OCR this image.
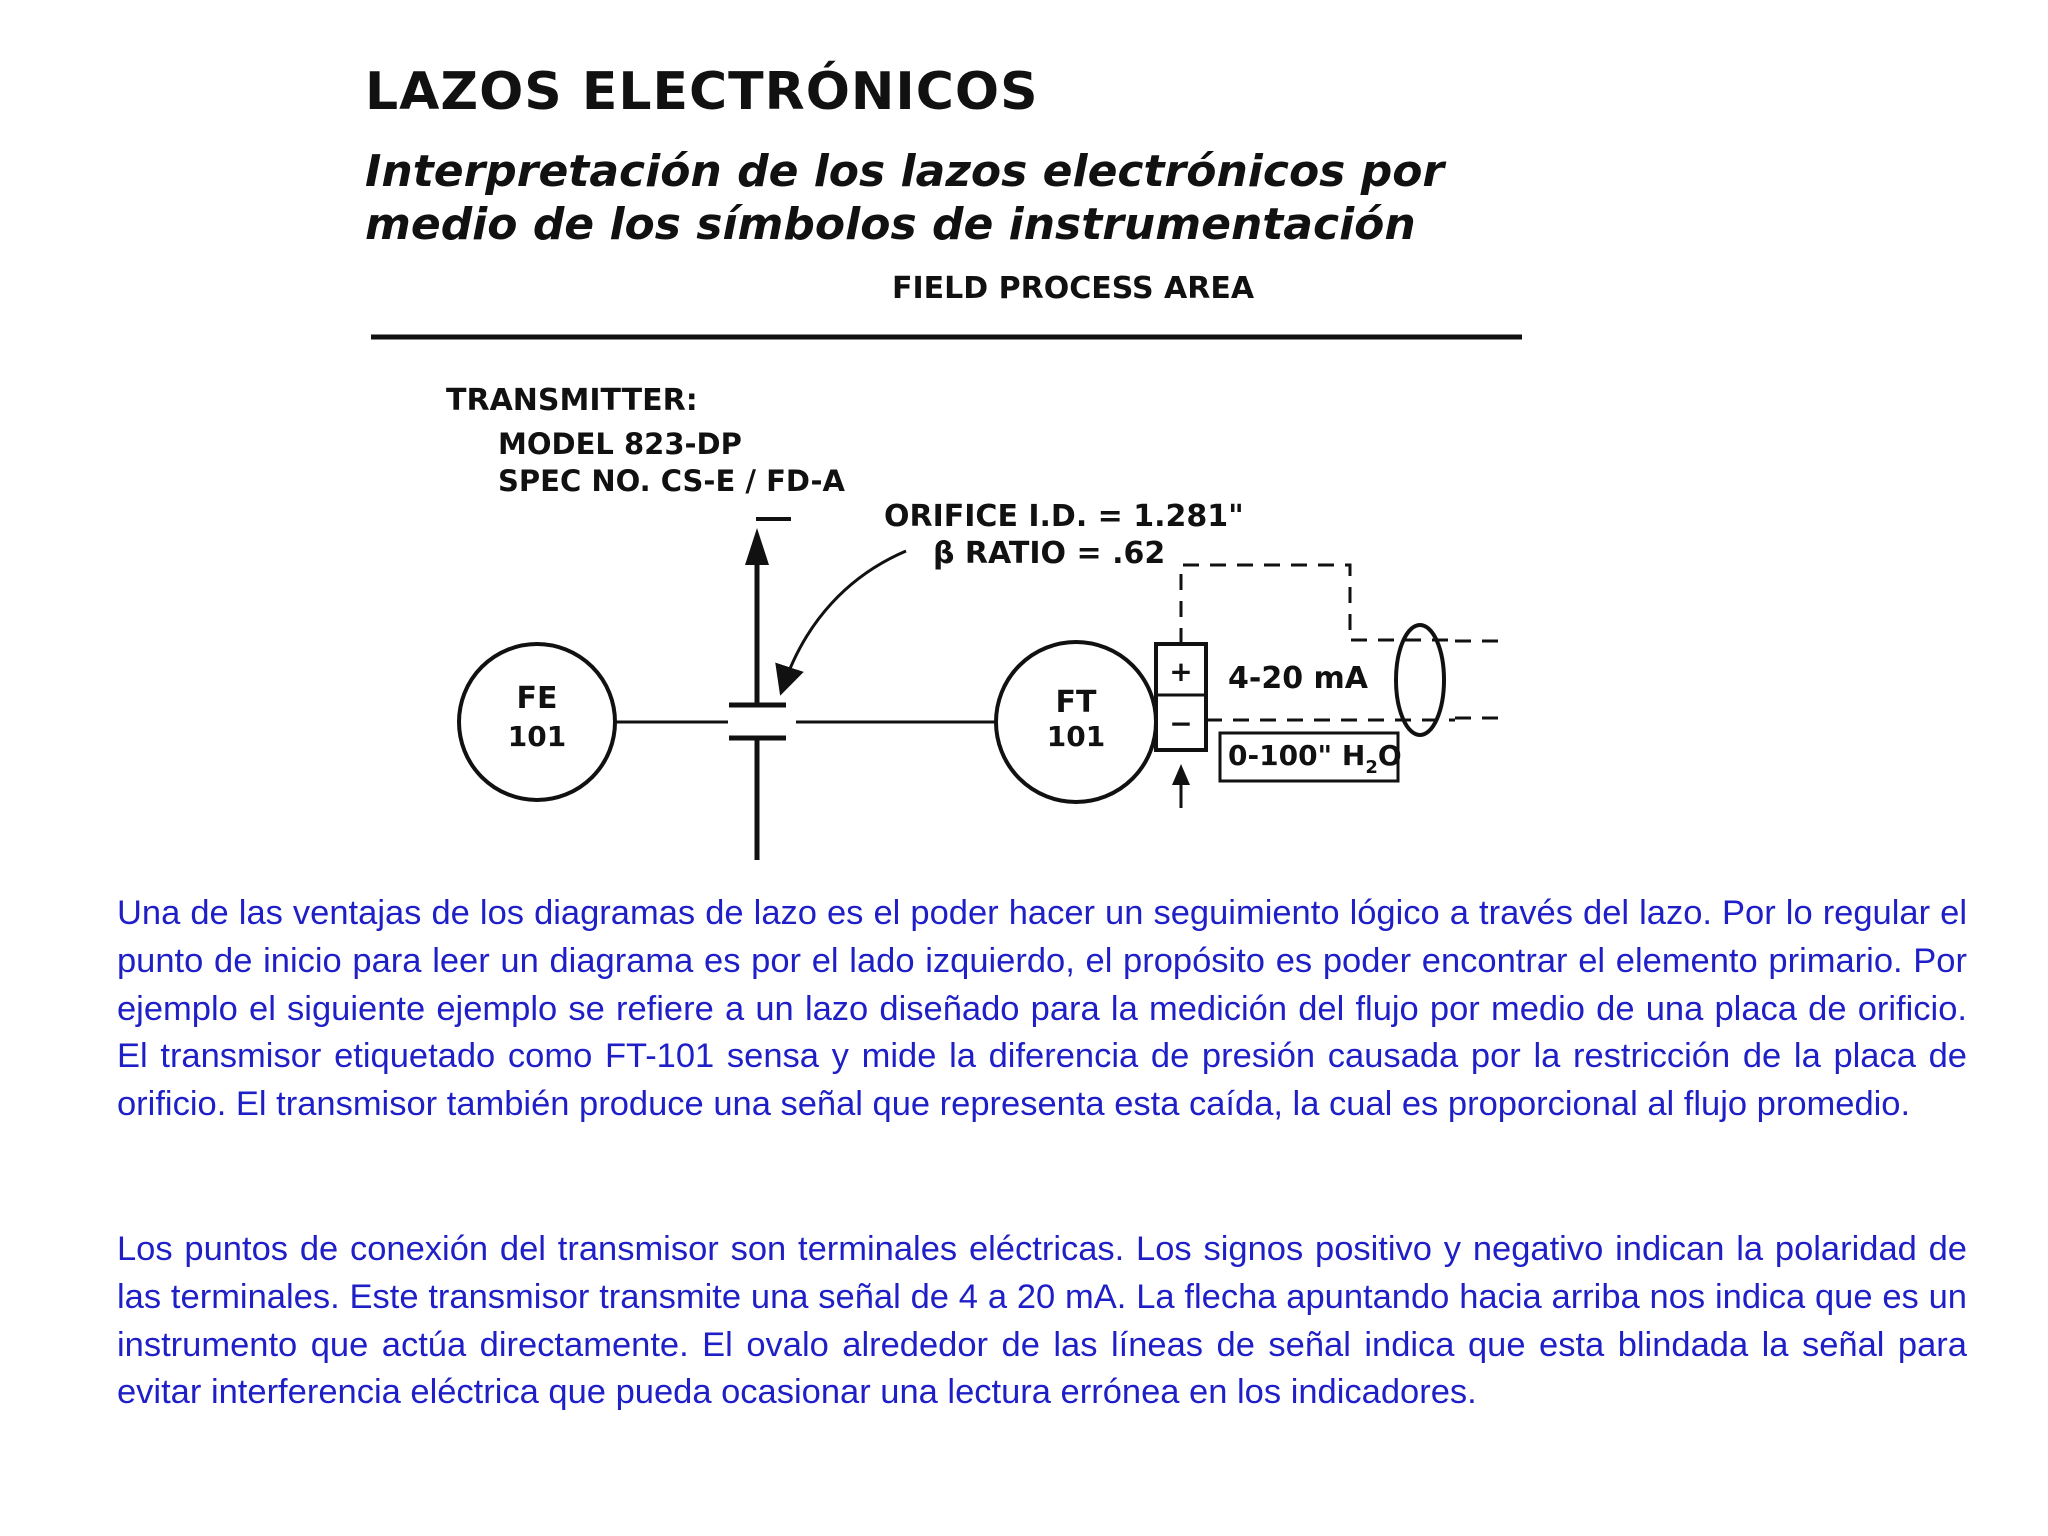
LAZOS ELECTRÓNICOS
Interpretación de los lazos electrónicos por
medio de los símbolos de instrumentación
FIELD PROCESS AREA
TRANSMITTER:
MODEL 823-DP
SPEC NO. CS-E / FD-A
ORIFICE I.D. = 1.281"
β RATIO = .62
FE
101
FT
101
+
−
4-20 mA
0-100" $H_2O$

Una de las ventajas de los diagramas de lazo es el poder hacer un seguimiento lógico a través del lazo. Por lo regular el punto de inicio para leer un diagrama es por el lado izquierdo, el propósito es poder encontrar el elemento primario. Por ejemplo el siguiente ejemplo se refiere a un lazo diseñado para la medición del flujo por medio de una placa de orificio. El transmisor etiquetado como FT-101 sensa y mide la diferencia de presión causada por la restricción de la placa de orificio. El transmisor también produce una señal que representa esta caída, la cual es proporcional al flujo promedio.

Los puntos de conexión del transmisor son terminales eléctricas. Los signos positivo y negativo indican la polaridad de las terminales. Este transmisor transmite una señal de 4 a 20 mA. La flecha apuntando hacia arriba nos indica que es un instrumento que actúa directamente. El ovalo alrededor de las líneas de señal indica que esta blindada la señal para evitar interferencia eléctrica que pueda ocasionar una lectura errónea en los indicadores.
